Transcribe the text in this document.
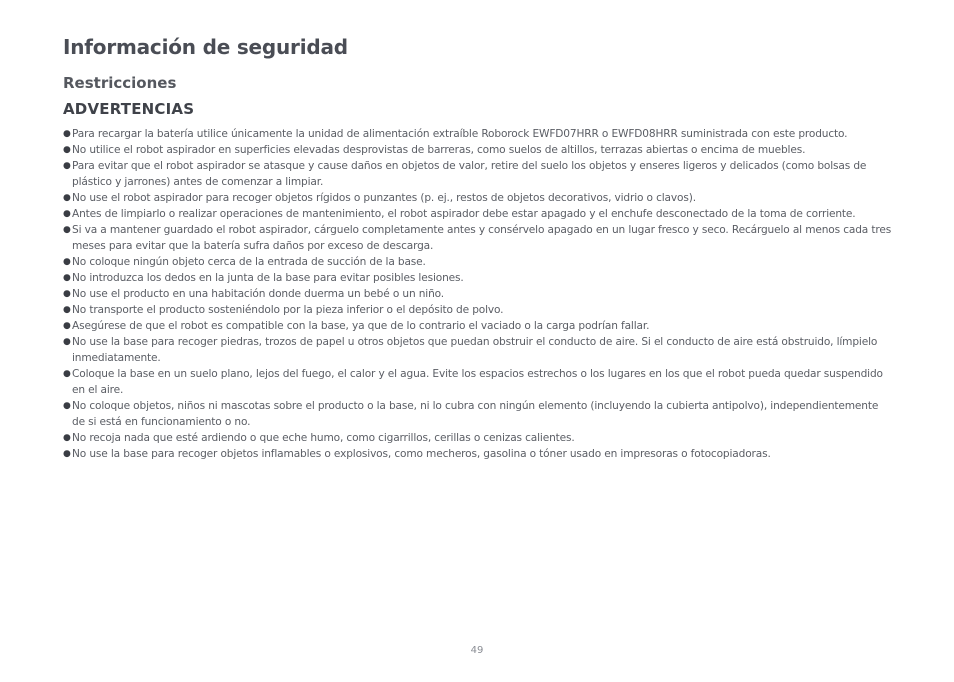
Información de seguridad
Restricciones
ADVERTENCIAS
● Para recargar la batería utilice únicamente la unidad de alimentación extraíble Roborock EWFD07HRR o EWFD08HRR suministrada con este producto.
● No utilice el robot aspirador en superficies elevadas desprovistas de barreras, como suelos de altillos, terrazas abiertas o encima de muebles.
● Para evitar que el robot aspirador se atasque y cause daños en objetos de valor, retire del suelo los objetos y enseres ligeros y delicados (como bolsas de plástico y jarrones) antes de comenzar a limpiar.
● No use el robot aspirador para recoger objetos rígidos o punzantes (p. ej., restos de objetos decorativos, vidrio o clavos).
● Antes de limpiarlo o realizar operaciones de mantenimiento, el robot aspirador debe estar apagado y el enchufe desconectado de la toma de corriente.
● Si va a mantener guardado el robot aspirador, cárguelo completamente antes y consérvelo apagado en un lugar fresco y seco. Recárguelo al menos cada tres meses para evitar que la batería sufra daños por exceso de descarga.
● No coloque ningún objeto cerca de la entrada de succión de la base.
● No introduzca los dedos en la junta de la base para evitar posibles lesiones.
● No use el producto en una habitación donde duerma un bebé o un niño.
● No transporte el producto sosteniéndolo por la pieza inferior o el depósito de polvo.
● Asegúrese de que el robot es compatible con la base, ya que de lo contrario el vaciado o la carga podrían fallar.
● No use la base para recoger piedras, trozos de papel u otros objetos que puedan obstruir el conducto de aire. Si el conducto de aire está obstruido, límpielo inmediatamente.
● Coloque la base en un suelo plano, lejos del fuego, el calor y el agua. Evite los espacios estrechos o los lugares en los que el robot pueda quedar suspendido en el aire.
● No coloque objetos, niños ni mascotas sobre el producto o la base, ni lo cubra con ningún elemento (incluyendo la cubierta antipolvo), independientemente de si está en funcionamiento o no.
● No recoja nada que esté ardiendo o que eche humo, como cigarrillos, cerillas o cenizas calientes.
● No use la base para recoger objetos inflamables o explosivos, como mecheros, gasolina o tóner usado en impresoras o fotocopiadoras.
49
